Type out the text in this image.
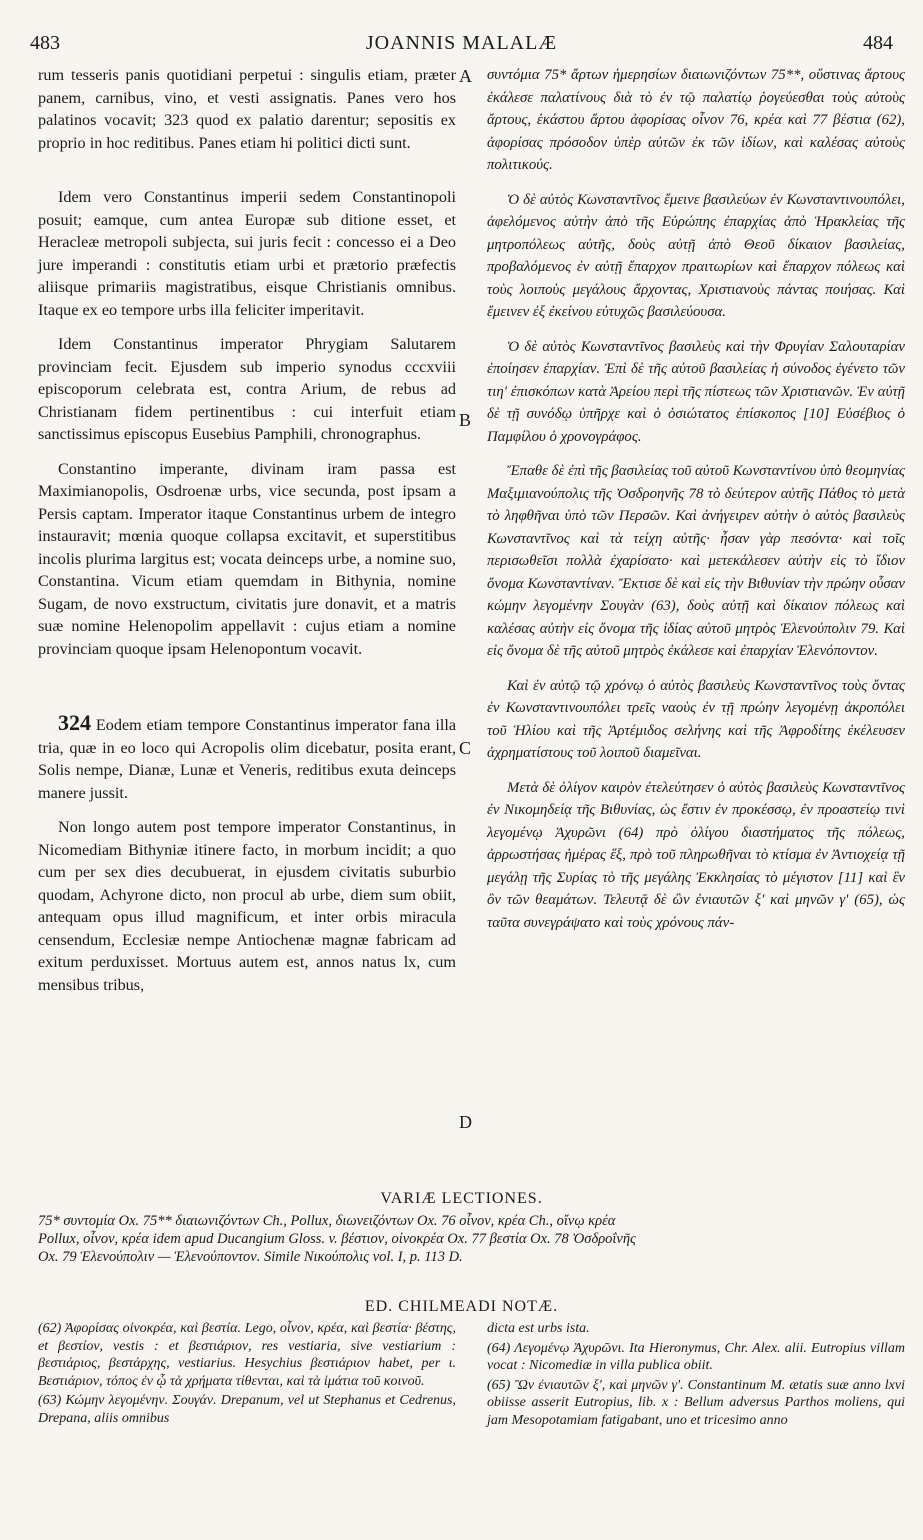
483	JOANNIS MALALÆ	484

rum tesseris panis quotidiani perpetui : singulis etiam, præter panem, carnibus, vino, et vesti assignatis. Panes vero hos palatinos vocavit; 323 quod ex palatio darentur; sepositis ex proprio in hoc reditibus. Panes etiam hi politici dicti sunt.

Idem vero Constantinus imperii sedem Constantinopoli posuit; eamque, cum antea Europæ sub ditione esset, et Heracleæ metropoli subjecta, sui juris fecit : concesso ei a Deo jure imperandi : constitutis etiam urbi et prætorio præfectis aliisque primariis magistratibus, eisque Christianis omnibus. Itaque ex eo tempore urbs illa feliciter imperitavit.

Idem Constantinus imperator Phrygiam Salutarem provinciam fecit. Ejusdem sub imperio synodus cccxviii episcoporum celebrata est, contra Arium, de rebus ad Christianam fidem pertinentibus : cui interfuit etiam sanctissimus episcopus Eusebius Pamphili, chronographus.

Constantino imperante, divinam iram passa est Maximianopolis, Osdroenæ urbs, vice secunda, post ipsam a Persis captam. Imperator itaque Constantinus urbem de integro instauravit; mœnia quoque collapsa excitavit, et superstitibus incolis plurima largitus est; vocata deinceps urbe, a nomine suo, Constantina. Vicum etiam quemdam in Bithynia, nomine Sugam, de novo exstructum, civitatis jure donavit, et a matris suæ nomine Helenopolim appellavit : cujus etiam a nomine provinciam quoque ipsam Helenopontum vocavit.

324 Eodem etiam tempore Constantinus imperator fana illa tria, quæ in eo loco qui Acropolis olim dicebatur, posita erant, Solis nempe, Dianæ, Lunæ et Veneris, reditibus exuta deinceps manere jussit.

Non longo autem post tempore imperator Constantinus, in Nicomediam Bithyniæ itinere facto, in morbum incidit; a quo cum per sex dies decubuerat, in ejusdem civitatis suburbio quodam, Achyrone dicto, non procul ab urbe, diem sum obiit, antequam opus illud magnificum, et inter orbis miracula censendum, Ecclesiæ nempe Antiochenæ magnæ fabricam ad exitum perduxisset. Mortuus autem est, annos natus lx, cum mensibus tribus,

A
B
C
D

συντόμια 75* ἄρτων ἡμερησίων διαιωνιζόντων 75**, οὕστινας ἄρτους ἐκάλεσε παλατίνους διὰ τὸ ἐν τῷ παλατίῳ ῥογεύεσθαι τοὺς αὐτοὺς ἄρτους, ἑκάστου ἄρτου ἀφορίσας οἶνον 76, κρέα καὶ 77 βέστια (62), ἀφορίσας πρόσοδον ὑπὲρ αὐτῶν ἐκ τῶν ἰδίων, καὶ καλέσας αὐτοὺς πολιτικούς.

Ὁ δὲ αὐτὸς Κωνσταντῖνος ἔμεινε βασιλεύων ἐν Κωνσταντινουπόλει, ἀφελόμενος αὐτὴν ἀπὸ τῆς Εὐρώπης ἐπαρχίας ἀπὸ Ἡρακλείας τῆς μητροπόλεως αὐτῆς, δοὺς αὐτῇ ἀπὸ Θεοῦ δίκαιον βασιλείας, προβαλόμενος ἐν αὐτῇ ἔπαρχον πραιτωρίων καὶ ἔπαρχον πόλεως καὶ τοὺς λοιποὺς μεγάλους ἄρχοντας, Χριστιανοὺς πάντας ποιήσας. Καὶ ἔμεινεν ἐξ ἐκείνου εὐτυχῶς βασιλεύουσα.

Ὁ δὲ αὐτὸς Κωνσταντῖνος βασιλεὺς καὶ τὴν Φρυγίαν Σαλουταρίαν ἐποίησεν ἐπαρχίαν. Ἐπὶ δὲ τῆς αὐτοῦ βασιλείας ἡ σύνοδος ἐγένετο τῶν τιη' ἐπισκόπων κατὰ Ἀρείου περὶ τῆς πίστεως τῶν Χριστιανῶν. Ἐν αὐτῇ δὲ τῇ συνόδῳ ὑπῆρχε καὶ ὁ ὁσιώτατος ἐπίσκοπος [10] Εὐσέβιος ὁ Παμφίλου ὁ χρονογράφος.

Ἔπαθε δὲ ἐπὶ τῆς βασιλείας τοῦ αὐτοῦ Κωνσταντίνου ὑπὸ θεομηνίας Μαξιμιανούπολις τῆς Ὀσδροηνῆς 78 τὸ δεύτερον αὐτῆς Πάθος τὸ μετὰ τὸ ληφθῆναι ὑπὸ τῶν Περσῶν. Καὶ ἀνήγειρεν αὐτὴν ὁ αὐτὸς βασιλεὺς Κωνσταντῖνος καὶ τὰ τείχη αὐτῆς· ἦσαν γὰρ πεσόντα· καὶ τοῖς περισωθεῖσι πολλὰ ἐχαρίσατο· καὶ μετεκάλεσεν αὐτὴν εἰς τὸ ἴδιον ὄνομα Κωνσταντίναν. Ἔκτισε δὲ καὶ εἰς τὴν Βιθυνίαν τὴν πρώην οὖσαν κώμην λεγομένην Σουγὰν (63), δοὺς αὐτῇ καὶ δίκαιον πόλεως καὶ καλέσας αὐτὴν εἰς ὄνομα τῆς ἰδίας αὐτοῦ μητρὸς Ἑλενούπολιν 79. Καὶ εἰς ὄνομα δὲ τῆς αὐτοῦ μητρὸς ἐκάλεσε καὶ ἐπαρχίαν Ἑλενόποντον.

Καὶ ἐν αὐτῷ τῷ χρόνῳ ὁ αὐτὸς βασιλεὺς Κωνσταντῖνος τοὺς ὄντας ἐν Κωνσταντινουπόλει τρεῖς ναοὺς ἐν τῇ πρώην λεγομένῃ ἀκροπόλει τοῦ Ἡλίου καὶ τῆς Ἀρτέμιδος σελήνης καὶ τῆς Ἀφροδίτης ἐκέλευσεν ἀχρηματίστους τοῦ λοιποῦ διαμεῖναι.

Μετὰ δὲ ὀλίγον καιρὸν ἐτελεύτησεν ὁ αὐτὸς βασιλεὺς Κωνσταντῖνος ἐν Νικομηδείᾳ τῆς Βιθυνίας, ὡς ἔστιν ἐν προκέσσῳ, ἐν προαστείῳ τινὶ λεγομένῳ Ἀχυρῶνι (64) πρὸ ὀλίγου διαστήματος τῆς πόλεως, ἀρρωστήσας ἡμέρας ἕξ, πρὸ τοῦ πληρωθῆναι τὸ κτίσμα ἐν Ἀντιοχείᾳ τῇ μεγάλῃ τῆς Συρίας τὸ τῆς μεγάλης Ἐκκλησίας τὸ μέγιστον [11] καὶ ἓν ὂν τῶν θεαμάτων. Τελευτᾷ δὲ ὢν ἐνιαυτῶν ξ' καὶ μηνῶν γ' (65), ὡς ταῦτα συνεγράψατο καὶ τοὺς χρόνους πάν-

VARIÆ LECTIONES.
75* συντομία Ox. 75** διαιωνιζόντων Ch., Pollux, διωνειζόντων Ox. 76 οἶνον, κρέα Ch., οἴνῳ κρέα
Pollux, οἶνον, κρέα idem apud Ducangium Gloss. v. βέστιον, οἰνοκρέα Ox. 77 βεστία Ox. 78 Ὀσδροΐνῆς
Ox. 79 Ἑλενούπολιν — Ἑλενούποντον. Simile Νικούπολις vol. I, p. 113 D.
ED. CHILMEADI NOTÆ.

(62) Ἀφορίσας οἰνοκρέα, καὶ βεστία. Lego, οἶνον, κρέα, καὶ βεστία· βέστης, et βεστίον, vestis : et βεστιάριον, res vestiaria, sive vestiarium : βεστιάριος, βεστάρχης, vestiarius. Hesychius βεστιάριον habet, per ι. Βεστιάριον, τόπος ἐν ᾧ τὰ χρήματα τίθενται, καὶ τὰ ἱμάτια τοῦ κοινοῦ.

(63) Κώμην λεγομένην. Σουγάν. Drepanum, vel ut Stephanus et Cedrenus, Drepana, aliis omnibus

dicta est urbs ista.

(64) Λεγομένῳ Ἀχυρῶνι. Ita Hieronymus, Chr. Alex. alii. Eutropius villam vocat : Nicomediæ in villa publica obiit.

(65) Ὢν ἐνιαυτῶν ξ', καὶ μηνῶν γ'. Constantinum M. ætatis suæ anno lxvi obiisse asserit Eutropius, lib. x : Bellum adversus Parthos moliens, qui jam Mesopotamiam fatigabant, uno et tricesimo anno
